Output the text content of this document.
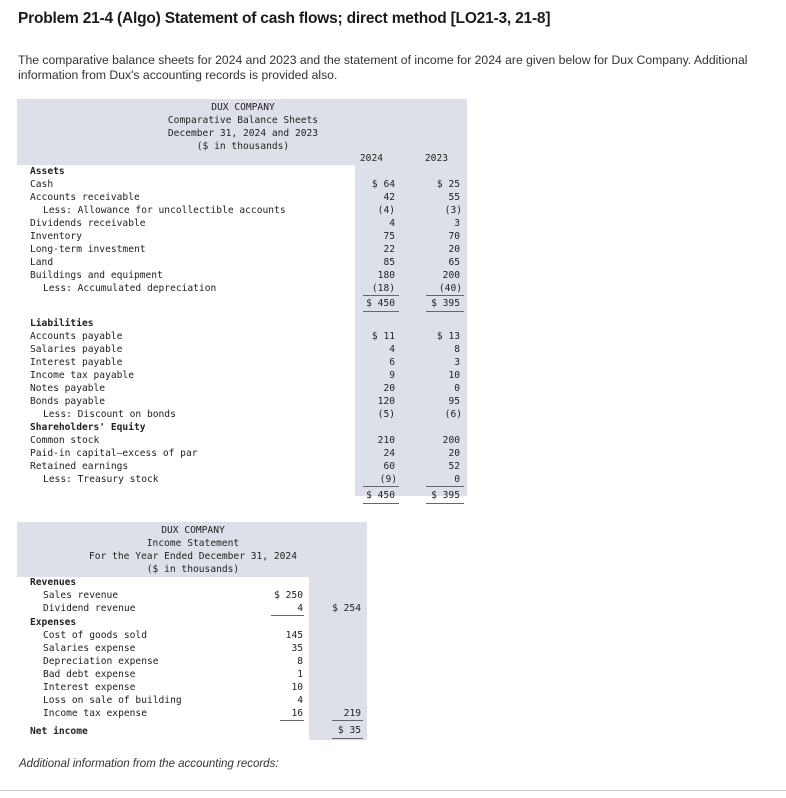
Problem 21-4 (Algo) Statement of cash flows; direct method [LO21-3, 21-8]
The comparative balance sheets for 2024 and 2023 and the statement of income for 2024 are given below for Dux Company. Additional information from Dux's accounting records is provided also.
DUX COMPANY
Comparative Balance Sheets
December 31, 2024 and 2023
($ in thousands)
2024	2023
Assets
Cash	$ 64	$ 25
Accounts receivable	42	55
Less: Allowance for uncollectible accounts	(4)	(3)
Dividends receivable	4	3
Inventory	75	70
Long-term investment	22	20
Land	85	65
Buildings and equipment	180	200
Less: Accumulated depreciation	(18)	(40)
$ 450	$ 395
Liabilities
Accounts payable	$ 11	$ 13
Salaries payable	4	8
Interest payable	6	3
Income tax payable	9	10
Notes payable	20	0
Bonds payable	120	95
Less: Discount on bonds	(5)	(6)
Shareholders' Equity
Common stock	210	200
Paid-in capital—excess of par	24	20
Retained earnings	60	52
Less: Treasury stock	(9)	0
$ 450	$ 395
DUX COMPANY
Income Statement
For the Year Ended December 31, 2024
($ in thousands)
Revenues
Sales revenue	$ 250
Dividend revenue	4	$ 254
Expenses
Cost of goods sold	145
Salaries expense	35
Depreciation expense	8
Bad debt expense	1
Interest expense	10
Loss on sale of building	4
Income tax expense	16	219
Net income	$ 35
Additional information from the accounting records:
